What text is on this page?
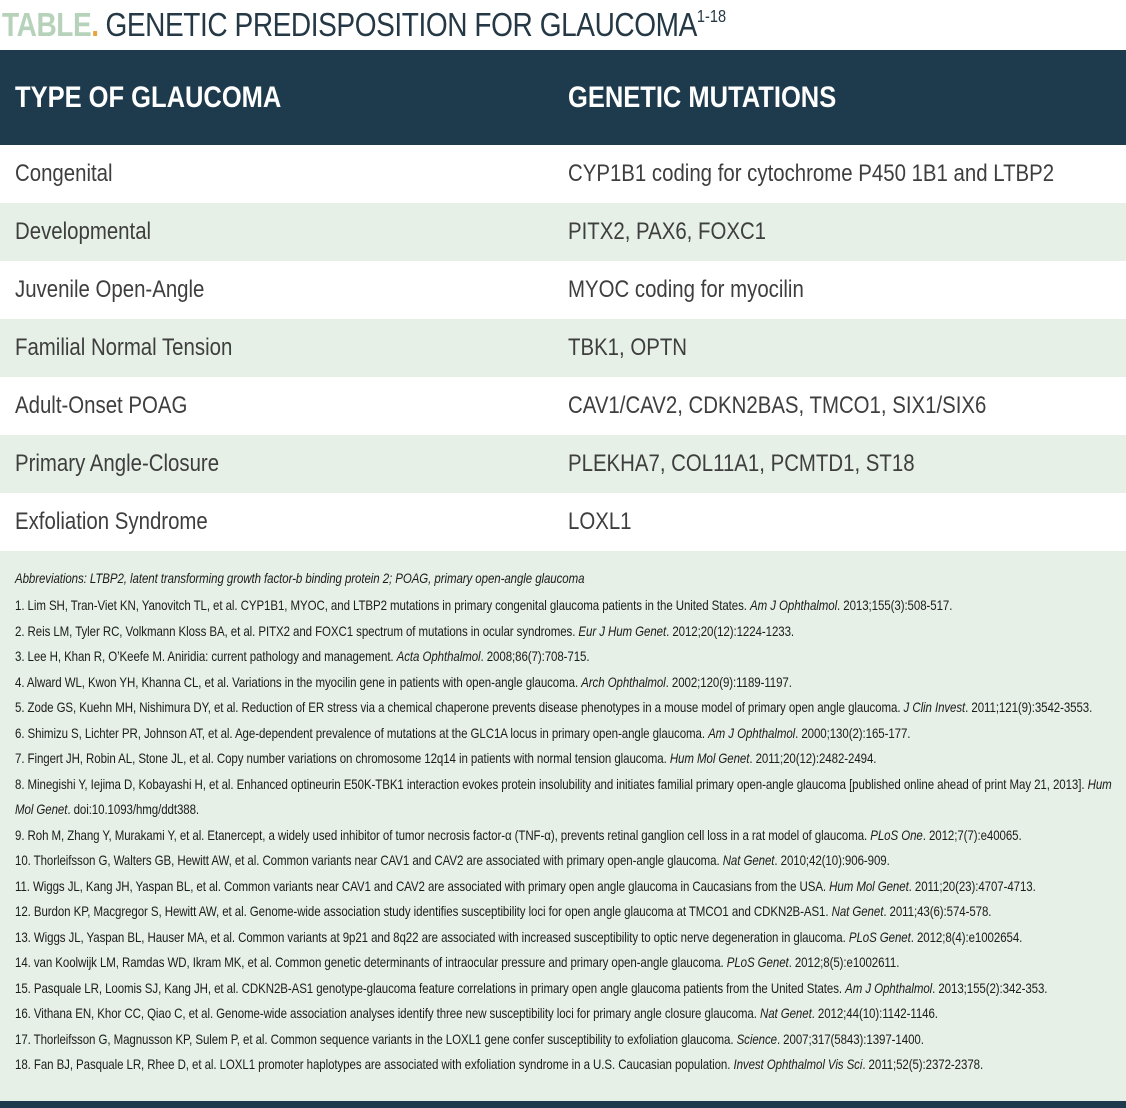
TABLE. GENETIC PREDISPOSITION FOR GLAUCOMA$^{1-18}$
TYPE OF GLAUCOMA	GENETIC MUTATIONS
Congenital	CYP1B1 coding for cytochrome P450 1B1 and LTBP2
Developmental	PITX2, PAX6, FOXC1
Juvenile Open-Angle	MYOC coding for myocilin
Familial Normal Tension	TBK1, OPTN
Adult-Onset POAG	CAV1/CAV2, CDKN2BAS, TMCO1, SIX1/SIX6
Primary Angle-Closure	PLEKHA7, COL11A1, PCMTD1, ST18
Exfoliation Syndrome	LOXL1
Abbreviations: LTBP2, latent transforming growth factor-b binding protein 2; POAG, primary open-angle glaucoma
1. Lim SH, Tran-Viet KN, Yanovitch TL, et al. CYP1B1, MYOC, and LTBP2 mutations in primary congenital glaucoma patients in the United States. Am J Ophthalmol. 2013;155(3):508-517.
2. Reis LM, Tyler RC, Volkmann Kloss BA, et al. PITX2 and FOXC1 spectrum of mutations in ocular syndromes. Eur J Hum Genet. 2012;20(12):1224-1233.
3. Lee H, Khan R, O’Keefe M. Aniridia: current pathology and management. Acta Ophthalmol. 2008;86(7):708-715.
4. Alward WL, Kwon YH, Khanna CL, et al. Variations in the myocilin gene in patients with open-angle glaucoma. Arch Ophthalmol. 2002;120(9):1189-1197.
5. Zode GS, Kuehn MH, Nishimura DY, et al. Reduction of ER stress via a chemical chaperone prevents disease phenotypes in a mouse model of primary open angle glaucoma. J Clin Invest. 2011;121(9):3542-3553.
6. Shimizu S, Lichter PR, Johnson AT, et al. Age-dependent prevalence of mutations at the GLC1A locus in primary open-angle glaucoma. Am J Ophthalmol. 2000;130(2):165-177.
7. Fingert JH, Robin AL, Stone JL, et al. Copy number variations on chromosome 12q14 in patients with normal tension glaucoma. Hum Mol Genet. 2011;20(12):2482-2494.
8. Minegishi Y, Iejima D, Kobayashi H, et al. Enhanced optineurin E50K-TBK1 interaction evokes protein insolubility and initiates familial primary open-angle glaucoma [published online ahead of print May 21, 2013]. Hum Mol Genet. doi:10.1093/hmg/ddt388.
9. Roh M, Zhang Y, Murakami Y, et al. Etanercept, a widely used inhibitor of tumor necrosis factor-α (TNF-α), prevents retinal ganglion cell loss in a rat model of glaucoma. PLoS One. 2012;7(7):e40065.
10. Thorleifsson G, Walters GB, Hewitt AW, et al. Common variants near CAV1 and CAV2 are associated with primary open-angle glaucoma. Nat Genet. 2010;42(10):906-909.
11. Wiggs JL, Kang JH, Yaspan BL, et al. Common variants near CAV1 and CAV2 are associated with primary open angle glaucoma in Caucasians from the USA. Hum Mol Genet. 2011;20(23):4707-4713.
12. Burdon KP, Macgregor S, Hewitt AW, et al. Genome-wide association study identifies susceptibility loci for open angle glaucoma at TMCO1 and CDKN2B-AS1. Nat Genet. 2011;43(6):574-578.
13. Wiggs JL, Yaspan BL, Hauser MA, et al. Common variants at 9p21 and 8q22 are associated with increased susceptibility to optic nerve degeneration in glaucoma. PLoS Genet. 2012;8(4):e1002654.
14. van Koolwijk LM, Ramdas WD, Ikram MK, et al. Common genetic determinants of intraocular pressure and primary open-angle glaucoma. PLoS Genet. 2012;8(5):e1002611.
15. Pasquale LR, Loomis SJ, Kang JH, et al. CDKN2B-AS1 genotype-glaucoma feature correlations in primary open angle glaucoma patients from the United States. Am J Ophthalmol. 2013;155(2):342-353.
16. Vithana EN, Khor CC, Qiao C, et al. Genome-wide association analyses identify three new susceptibility loci for primary angle closure glaucoma. Nat Genet. 2012;44(10):1142-1146.
17. Thorleifsson G, Magnusson KP, Sulem P, et al. Common sequence variants in the LOXL1 gene confer susceptibility to exfoliation glaucoma. Science. 2007;317(5843):1397-1400.
18. Fan BJ, Pasquale LR, Rhee D, et al. LOXL1 promoter haplotypes are associated with exfoliation syndrome in a U.S. Caucasian population. Invest Ophthalmol Vis Sci. 2011;52(5):2372-2378.
